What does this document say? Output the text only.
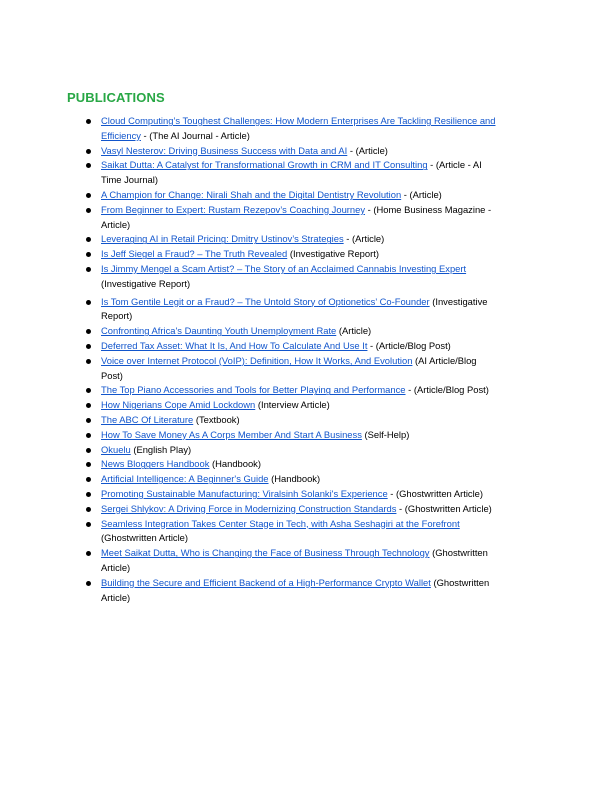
PUBLICATIONS
Cloud Computing’s Toughest Challenges: How Modern Enterprises Are Tackling Resilience and Efficiency - (The AI Journal - Article)
Vasyl Nesterov: Driving Business Success with Data and AI - (Article)
Saikat Dutta: A Catalyst for Transformational Growth in CRM and IT Consulting - (Article - AI Time Journal)
A Champion for Change: Nirali Shah and the Digital Dentistry Revolution - (Article)
From Beginner to Expert: Rustam Rezepov’s Coaching Journey - (Home Business Magazine - Article)
Leveraging AI in Retail Pricing: Dmitry Ustinov’s Strategies - (Article)
Is Jeff Siegel a Fraud? – The Truth Revealed (Investigative Report)
Is Jimmy Mengel a Scam Artist? – The Story of an Acclaimed Cannabis Investing Expert (Investigative Report)
Is Tom Gentile Legit or a Fraud? – The Untold Story of Optionetics’ Co-Founder (Investigative Report)
Confronting Africa's Daunting Youth Unemployment Rate (Article)
Deferred Tax Asset: What It Is, And How To Calculate And Use It - (Article/Blog Post)
Voice over Internet Protocol (VoIP): Definition, How It Works, And Evolution (AI Article/Blog Post)
The Top Piano Accessories and Tools for Better Playing and Performance - (Article/Blog Post)
How Nigerians Cope Amid Lockdown (Interview Article)
The ABC Of Literature (Textbook)
How To Save Money As A Corps Member And Start A Business (Self-Help)
Okuelu (English Play)
News Bloggers Handbook (Handbook)
Artificial Intelligence: A Beginner's Guide (Handbook)
Promoting Sustainable Manufacturing: Viralsinh Solanki's Experience - (Ghostwritten Article)
Sergei Shlykov: A Driving Force in Modernizing Construction Standards - (Ghostwritten Article)
Seamless Integration Takes Center Stage in Tech, with Asha Seshagiri at the Forefront (Ghostwritten Article)
Meet Saikat Dutta, Who is Changing the Face of Business Through Technology (Ghostwritten Article)
Building the Secure and Efficient Backend of a High-Performance Crypto Wallet (Ghostwritten Article)
